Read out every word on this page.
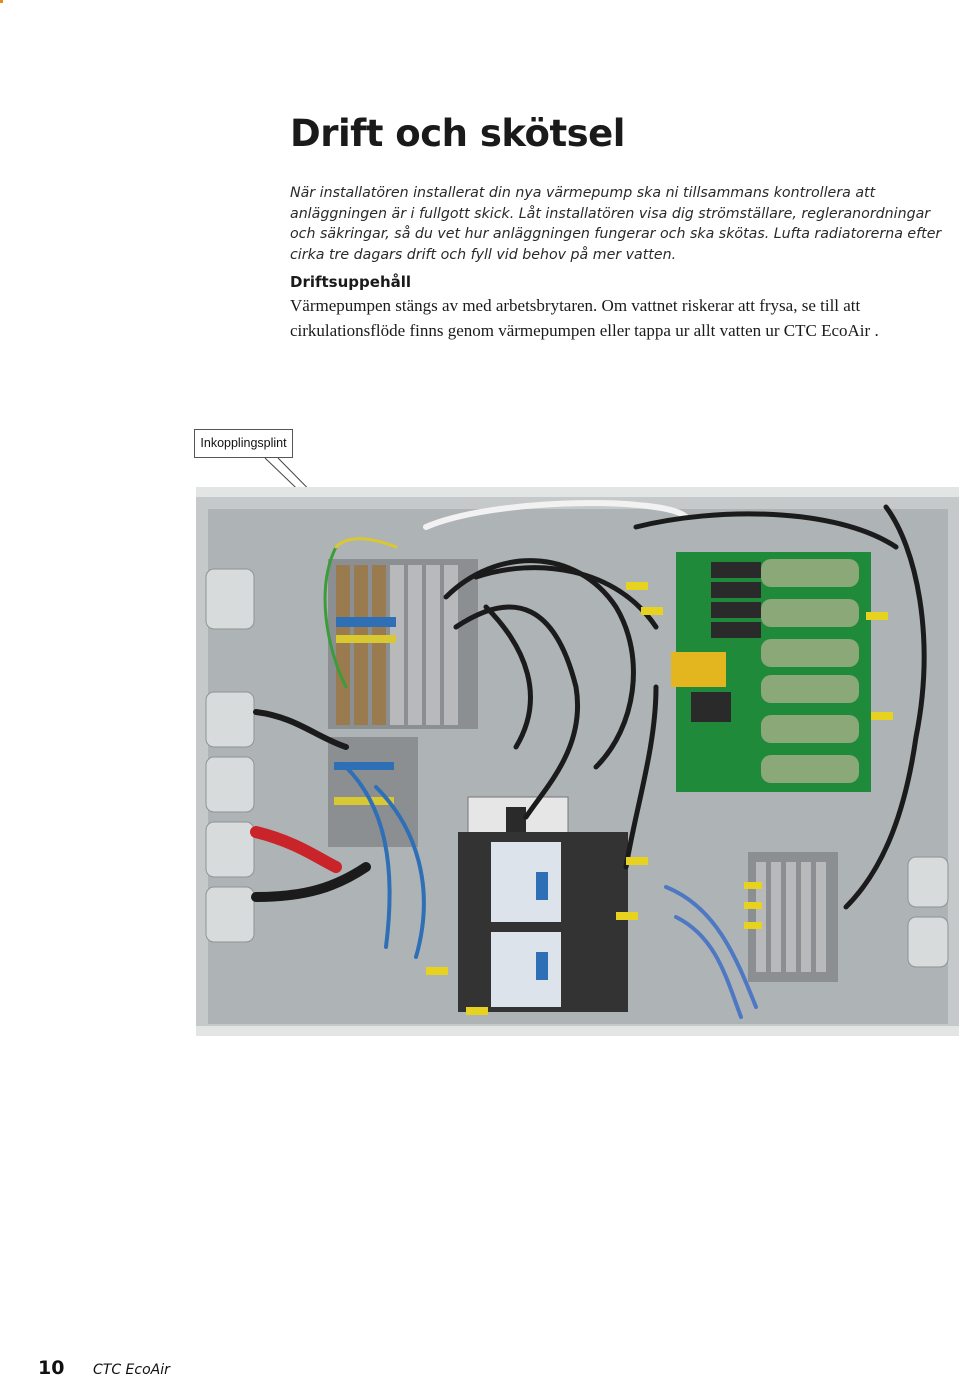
Drift och skötsel

När installatören installerat din nya värmepump ska ni tillsammans kontrollera att anläggningen är i fullgott skick. Låt installatören visa dig strömställare, regleranordningar och säkringar, så du vet hur anläggningen fungerar och ska skötas. Lufta radiatorerna efter cirka tre dagars drift och fyll vid behov på mer vatten.

Driftsuppehåll

Värmepumpen stängs av med arbetsbrytaren. Om vattnet riskerar att frysa, se till att cirkulationsflöde finns genom värmepumpen eller tappa ur allt vatten ur CTC EcoAir .

Inkopplingsplint
10 CTC EcoAir
